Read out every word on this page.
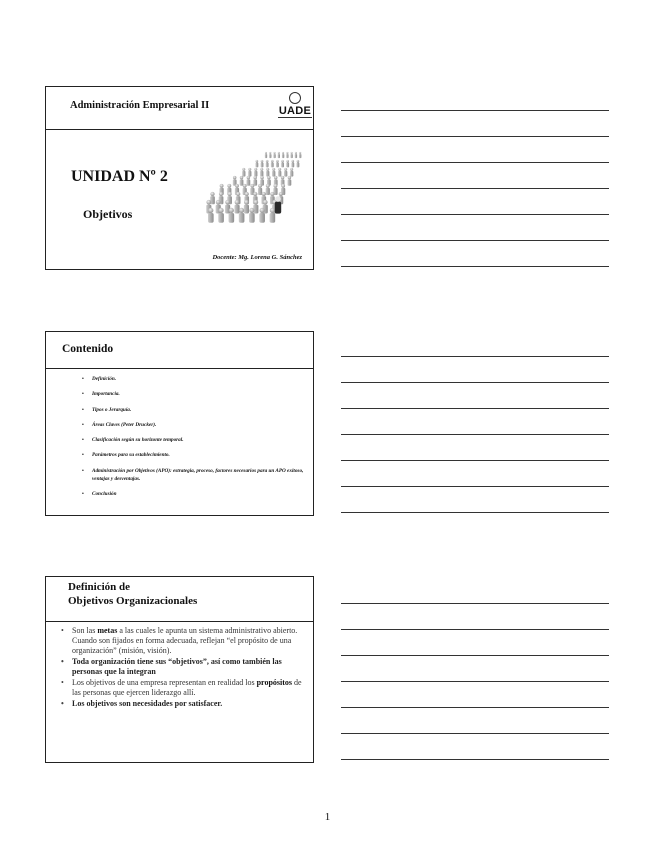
Administración Empresarial II	UADE
UNIDAD Nº 2
Objetivos
Docente: Mg. Lorena G. Sánchez
Contenido
• Definición.
• Importancia.
• Tipos o Jerarquía.
• Áreas Claves (Peter Drucker).
• Clasificación según su horizonte temporal.
• Parámetros para su establecimiento.
• Administración por Objetivos (APO): estrategia, proceso, factores necesarios para un APO exitoso, ventajas y desventajas.
• Conclusión
Definición de
Objetivos Organizacionales
• Son las metas a las cuales le apunta un sistema administrativo abierto. Cuando son fijados en forma adecuada, reflejan “el propósito de una organización” (misión, visión).
• Toda organización tiene sus “objetivos”, así como también las personas que la integran
• Los objetivos de una empresa representan en realidad los propósitos de las personas que ejercen liderazgo allí.
• Los objetivos son necesidades por satisfacer.
1
